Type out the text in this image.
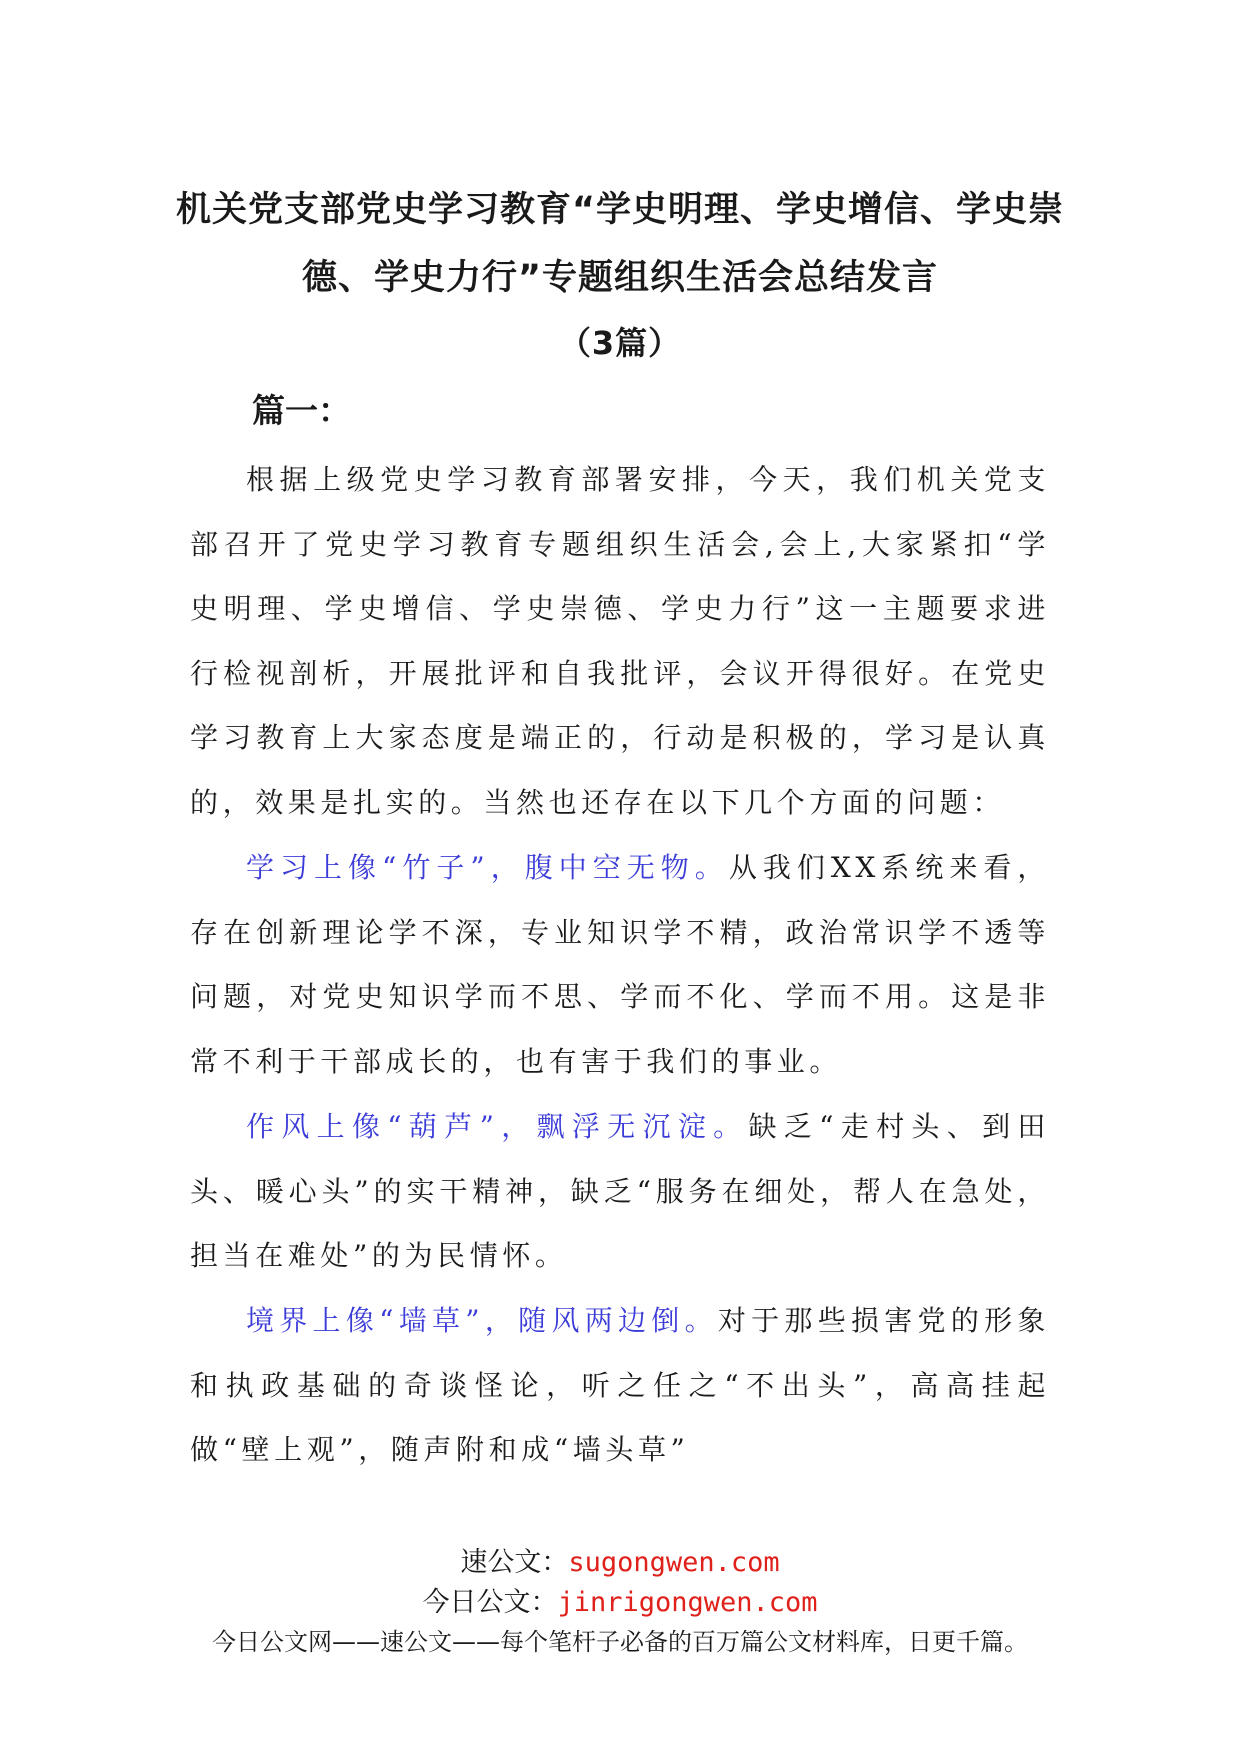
机关党支部党史学习教育“学史明理、学史增信、学史崇
德、学史力行”专题组织生活会总结发言
（3篇）
篇一：
根据上级党史学习教育部署安排，今天，我们机关党支部召开了党史学习教育专题组织生活会,会上,大家紧扣“学史明理、学史增信、学史崇德、学史力行”这一主题要求进行检视剖析，开展批评和自我批评，会议开得很好。在党史学习教育上大家态度是端正的，行动是积极的，学习是认真的，效果是扎实的。当然也还存在以下几个方面的问题：
学习上像“竹子”，腹中空无物。从我们XX系统来看，存在创新理论学不深，专业知识学不精，政治常识学不透等问题，对党史知识学而不思、学而不化、学而不用。这是非常不利于干部成长的，也有害于我们的事业。
作风上像“葫芦”，飘浮无沉淀。缺乏“走村头、到田头、暖心头”的实干精神，缺乏“服务在细处，帮人在急处，担当在难处”的为民情怀。
境界上像“墙草”，随风两边倒。对于那些损害党的形象和执政基础的奇谈怪论，听之任之“不出头”，高高挂起做“壁上观”，随声附和成“墙头草”
速公文：sugongwen.com
今日公文：jinrigongwen.com
今日公文网——速公文——每个笔杆子必备的百万篇公文材料库，日更千篇。
